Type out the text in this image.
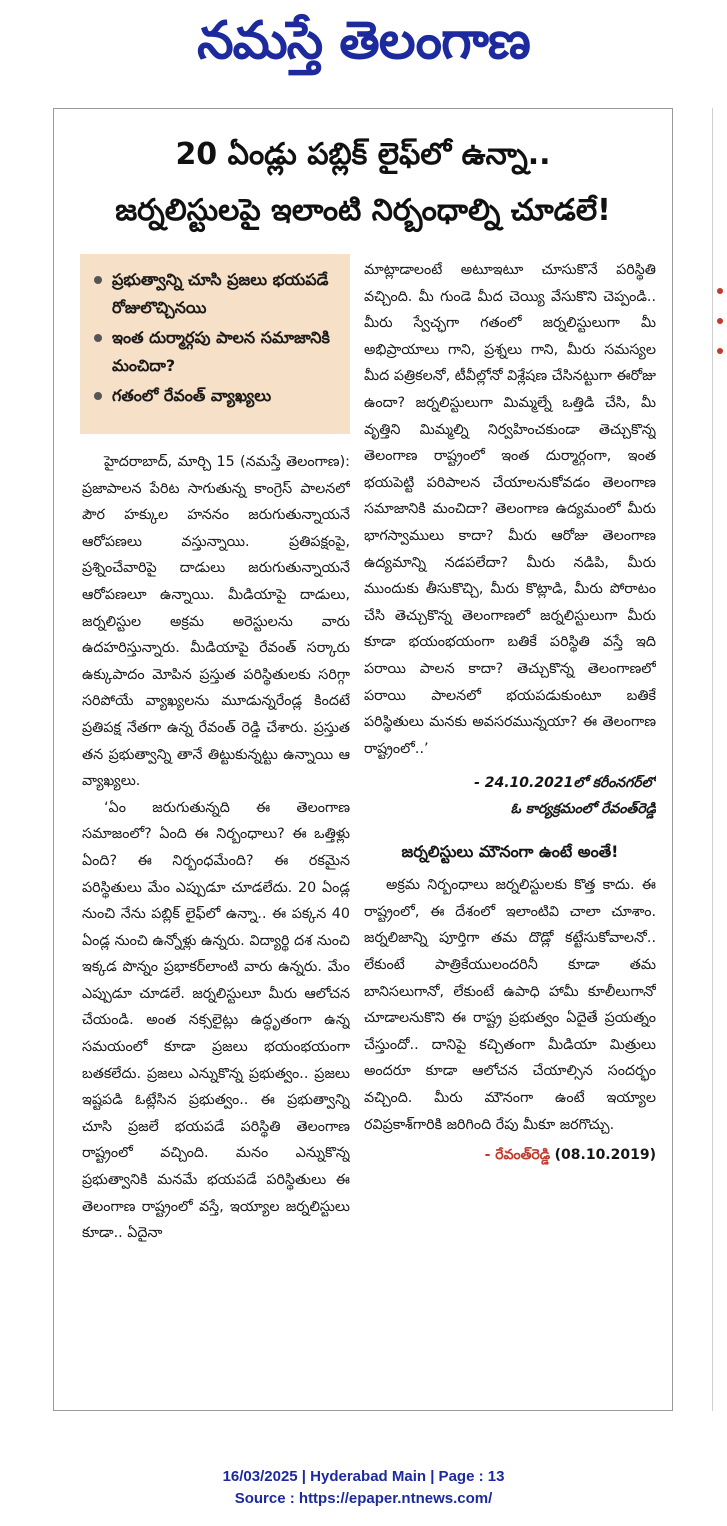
నమస్తే తెలంగాణ
20 ఏండ్లు పబ్లిక్ లైఫ్‌లో ఉన్నా..
జర్నలిస్టులపై ఇలాంటి నిర్బంధాల్ని చూడలే!
ప్రభుత్వాన్ని చూసి ప్రజలు భయపడే రోజులొచ్చినయి
ఇంత దుర్మార్గపు పాలన సమాజానికి మంచిదా?
గతంలో రేవంత్ వ్యాఖ్యలు

హైదరాబాద్, మార్చి 15 (నమస్తే తెలంగాణ): ప్రజాపాలన పేరిట సాగుతున్న కాంగ్రెస్ పాలనలో పౌర హక్కుల హననం జరుగుతున్నాయనే ఆరోపణలు వస్తున్నాయి. ప్రతిపక్షంపై, ప్రశ్నించేవారిపై దాడులు జరుగుతున్నాయనే ఆరోపణలూ ఉన్నాయి. మీడియాపై దాడులు, జర్నలిస్టుల అక్రమ అరెస్టులను వారు ఉదహరిస్తున్నారు. మీడియాపై రేవంత్ సర్కారు ఉక్కుపాదం మోపిన ప్రస్తుత పరిస్థితులకు సరిగ్గా సరిపోయే వ్యాఖ్యలను మూడున్నరేండ్ల కిందటే ప్రతిపక్ష నేతగా ఉన్న రేవంత్ రెడ్డి చేశారు. ప్రస్తుత తన ప్రభుత్వాన్ని తానే తిట్టుకున్నట్టు ఉన్నాయి ఆ వ్యాఖ్యలు.

‘ఏం జరుగుతున్నది ఈ తెలంగాణ సమాజంలో? ఏంది ఈ నిర్బంధాలు? ఈ ఒత్తిళ్లు ఏంది? ఈ నిర్బంధమేంది? ఈ రకమైన పరిస్థితులు మేం ఎప్పుడూ చూడలేదు. 20 ఏండ్ల నుంచి నేను పబ్లిక్ లైఫ్‌లో ఉన్నా.. ఈ పక్కన 40 ఏండ్ల నుంచి ఉన్నోళ్లు ఉన్నరు. విద్యార్థి దశ నుంచి ఇక్కడ పొన్నం ప్రభాకర్‌లాంటి వారు ఉన్నరు. మేం ఎప్పుడూ చూడలే. జర్నలిస్టులూ మీరు ఆలోచన చేయండి. అంత నక్సలైట్లు ఉద్ధృతంగా ఉన్న సమయంలో కూడా ప్రజలు భయంభయంగా బతకలేదు. ప్రజలు ఎన్నుకొన్న ప్రభుత్వం.. ప్రజలు ఇష్టపడి ఓట్లేసిన ప్రభుత్వం.. ఈ ప్రభుత్వాన్ని చూసి ప్రజలే భయపడే పరిస్థితి తెలంగాణ రాష్ట్రంలో వచ్చింది. మనం ఎన్నుకొన్న ప్రభుత్వానికి మనమే భయపడే పరిస్థితులు ఈ తెలంగాణ రాష్ట్రంలో వస్తే, ఇయ్యాల జర్నలిస్టులు కూడా.. ఏదైనా

మాట్లాడాలంటే అటూఇటూ చూసుకొనే పరిస్థితి వచ్చింది. మీ గుండె మీద చెయ్యి వేసుకొని చెప్పండి.. మీరు స్వేచ్ఛగా గతంలో జర్నలిస్టులుగా మీ అభిప్రాయాలు గాని, ప్రశ్నలు గాని, మీరు సమస్యల మీద పత్రికలనో, టీవీల్లోనో విశ్లేషణ చేసినట్టుగా ఈరోజు ఉందా? జర్నలిస్టులుగా మిమ్మల్నే ఒత్తిడి చేసి, మీ వృత్తిని మిమ్మల్ని నిర్వహించకుండా తెచ్చుకొన్న తెలంగాణ రాష్ట్రంలో ఇంత దుర్మార్గంగా, ఇంత భయపెట్టి పరిపాలన చేయాలనుకోవడం తెలంగాణ సమాజానికి మంచిదా? తెలంగాణ ఉద్యమంలో మీరు భాగస్వాములు కాదా? మీరు ఆరోజు తెలంగాణ ఉద్యమాన్ని నడపలేదా? మీరు నడిపి, మీరు ముందుకు తీసుకొచ్చి, మీరు కొట్లాడి, మీరు పోరాటం చేసి తెచ్చుకొన్న తెలంగాణలో జర్నలిస్టులుగా మీరు కూడా భయంభయంగా బతికే పరిస్థితి వస్తే ఇది పరాయి పాలన కాదా? తెచ్చుకొన్న తెలంగాణలో పరాయి పాలనలో భయపడుకుంటూ బతికే పరిస్థితులు మనకు అవసరమున్నయా? ఈ తెలంగాణ రాష్ట్రంలో..’

- 24.10.2021లో కరీంనగర్‌లో
ఓ కార్యక్రమంలో రేవంత్‌రెడ్డి
జర్నలిస్టులు మౌనంగా ఉంటే అంతే!

అక్రమ నిర్బంధాలు జర్నలిస్టులకు కొత్త కాదు. ఈ రాష్ట్రంలో, ఈ దేశంలో ఇలాంటివి చాలా చూశాం. జర్నలిజాన్ని పూర్తిగా తమ దొడ్లో కట్టేసుకోవాలనో.. లేకుంటే పాత్రికేయులందరినీ కూడా తమ బానిసలుగానో, లేకుంటే ఉపాధి హామీ కూలీలుగానో చూడాలనుకొని ఈ రాష్ట్ర ప్రభుత్వం ఏదైతే ప్రయత్నం చేస్తుందో.. దానిపై కచ్చితంగా మీడియా మిత్రులు అందరూ కూడా ఆలోచన చేయాల్సిన సందర్భం వచ్చింది. మీరు మౌనంగా ఉంటే ఇయ్యాల రవిప్రకాశ్‌గారికి జరిగింది రేపు మీకూ జరగొచ్చు.

- రేవంత్‌రెడ్డి (08.10.2019)
16/03/2025 | Hyderabad Main | Page : 13
Source : https://epaper.ntnews.com/
